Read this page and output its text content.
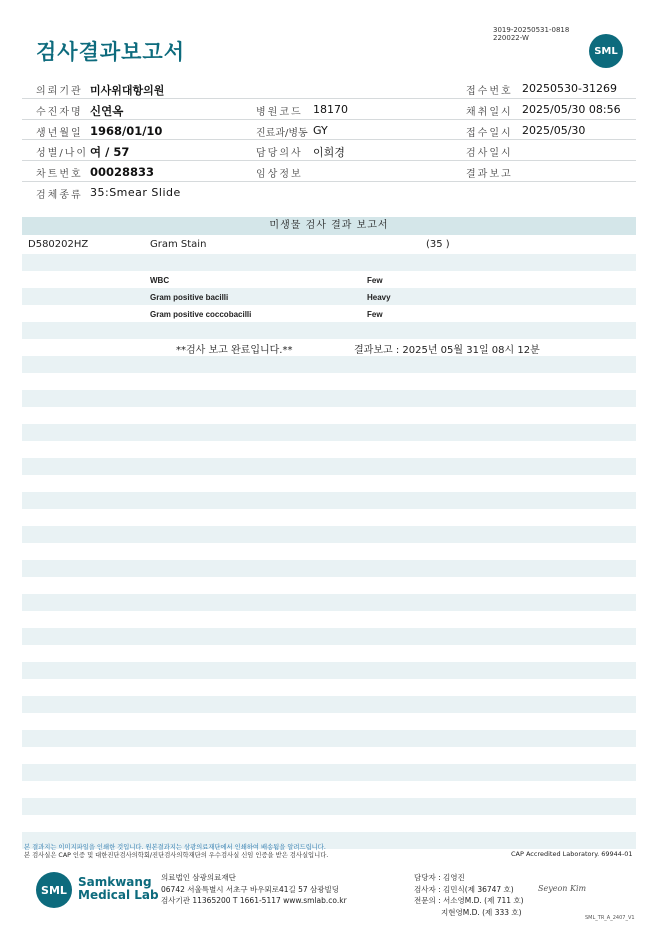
검사결과보고서
3019-20250531-0818
220022-W
SML
의뢰기관 미사위대항의원	접수번호 20250530-31269
수진자명 신연옥	병원코드 18170	채취일시 2025/05/30 08:56
생년월일 1968/01/10	진료과/병동 GY	접수일시 2025/05/30
성별/나이 여 / 57	담당의사 이희경	검사일시
차트번호 00028833	임상정보	결과보고
검체종류 35:Smear Slide
미생물 검사 결과 보고서
D580202HZ	Gram Stain	(35 )
WBC	Few
Gram positive bacilli	Heavy
Gram positive coccobacilli	Few
**검사 보고 완료입니다.**	결과보고 : 2025년 05월 31일 08시 12분
본 결과지는 이미지파일을 인쇄한 것입니다. 원본결과지는 삼광의료재단에서 인쇄하여 배송됨을 알려드립니다.
본 검사실은 CAP 인증 및 대한진단검사의학회/진단검사의학재단의 우수검사실 신임 인증을 받은 검사실입니다.	CAP Accredited Laboratory. 69944-01
SML
Samkwang
Medical Lab
의료법인 삼광의료재단
06742 서울특별시 서초구 바우뫼로41길 57 삼광빌딩
검사기관 11365200 T 1661-5117 www.smlab.co.kr
담당자 : 김영진
검사자 : 김민식(제 36747 호)
전문의 : 서소영M.D. (제 711 호)
지현영M.D. (제 333 호)
Seyeon Kim
SML_TR_A_2407_V1
